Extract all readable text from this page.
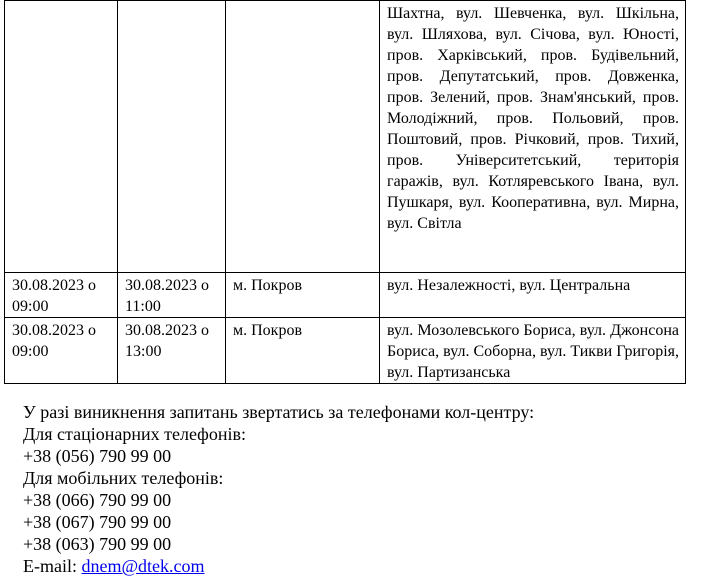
			Шахтна, вул. Шевченка, вул. Шкільна, вул. Шляхова, вул. Січова, вул. Юності, пров. Харківський, пров. Будівельний, пров. Депутатський, пров. Довженка, пров. Зелений, пров. Знам'янський, пров. Молодіжний, пров. Польовий, пров. Поштовий, пров. Річковий, пров. Тихий, пров. Університетський, територія гаражів, вул. Котляревського Івана, вул. Пушкаря, вул. Кооперативна, вул. Мирна, вул. Світла
30.08.2023 о 09:00	30.08.2023 о 11:00	м. Покров	вул. Незалежності, вул. Центральна
30.08.2023 о 09:00	30.08.2023 о 13:00	м. Покров	вул. Мозолевського Бориса, вул. Джонсона Бориса, вул. Соборна, вул. Тикви Григорія, вул. Партизанська
У разі виникнення запитань звертатись за телефонами кол-центру:
Для стаціонарних телефонів:
+38 (056) 790 99 00
Для мобільних телефонів:
+38 (066) 790 99 00
+38 (067) 790 99 00
+38 (063) 790 99 00
E-mail: dnem@dtek.com
